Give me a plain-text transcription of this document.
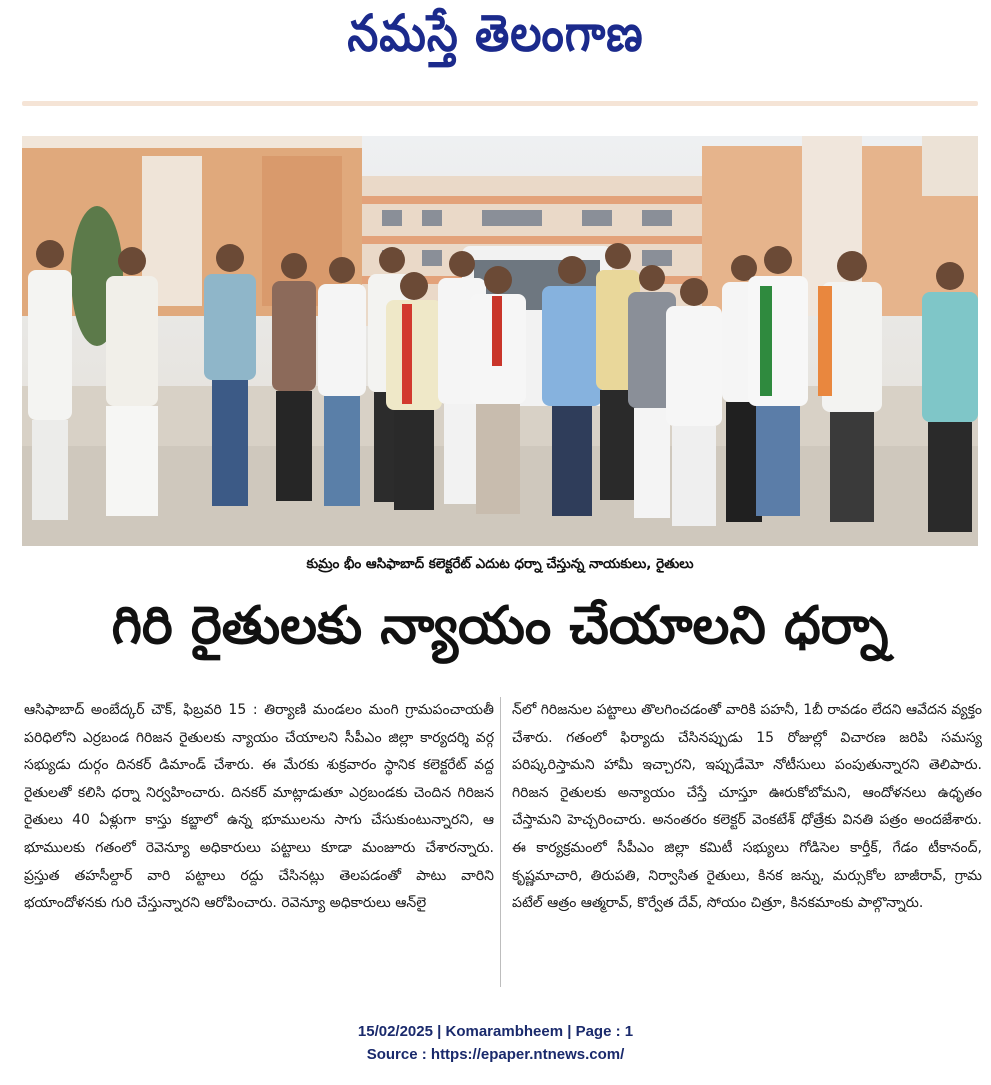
నమస్తే తెలంగాణ
కుమ్రం భీం ఆసిఫాబాద్ కలెక్టరేట్ ఎదుట ధర్నా చేస్తున్న నాయకులు, రైతులు
గిరి రైతులకు న్యాయం చేయాలని ధర్నా
ఆసిఫాబాద్ అంబేద్కర్ చౌక్, ఫిబ్రవరి 15 : తిర్యాణి మండలం మంగి గ్రామపంచాయతీ పరిధిలోని ఎర్రబండ గిరిజన రైతులకు న్యాయం చేయాలని సీపీఎం జిల్లా కార్యదర్శి వర్గ సభ్యుడు దుర్గం దినకర్ డిమాండ్ చేశారు. ఈ మేరకు శుక్రవారం స్థానిక కలెక్టరేట్ వద్ద రైతులతో కలిసి ధర్నా నిర్వహించారు. దినకర్ మాట్లాడుతూ ఎర్రబండకు చెందిన గిరిజన రైతులు 40 ఏళ్లుగా కాస్తు కబ్జాలో ఉన్న భూములను సాగు చేసుకుంటున్నారని, ఆ భూములకు గతంలో రెవెన్యూ అధికారులు పట్టాలు కూడా మంజూరు చేశారన్నారు. ప్రస్తుత తహసీల్దార్ వారి పట్టాలు రద్దు చేసినట్లు తెలపడంతో పాటు వారిని భయాందోళనకు గురి చేస్తున్నారని ఆరోపించారు. రెవెన్యూ అధికారులు ఆన్‌లై
న్‌లో గిరిజనుల పట్టాలు తొలగించడంతో వారికి పహనీ, 1బీ రావడం లేదని ఆవేదన వ్యక్తం చేశారు. గతంలో ఫిర్యాదు చేసినప్పుడు 15 రోజుల్లో విచారణ జరిపి సమస్య పరిష్కరిస్తామని హామీ ఇచ్చారని, ఇప్పుడేమో నోటీసులు పంపుతున్నారని తెలిపారు. గిరిజన రైతులకు అన్యాయం చేస్తే చూస్తూ ఊరుకోబోమని, ఆందోళనలు ఉధృతం చేస్తామని హెచ్చరించారు. అనంతరం కలెక్టర్ వెంకటేశ్ ధోత్రేకు వినతి పత్రం అందజేశారు. ఈ కార్యక్రమంలో సీపీఎం జిల్లా కమిటీ సభ్యులు గోడిసెల కార్తీక్, గేడం టీకానంద్, కృష్ణమాచారి, తిరుపతి, నిర్వాసిత రైతులు, కినక జన్ను, మర్సుకోల బాజీరావ్, గ్రామ పటేల్ ఆత్రం ఆత్మరావ్, కొర్వేత దేవ్, సోయం చిత్రూ, కినకమాంకు పాల్గొన్నారు.
15/02/2025 | Komarambheem | Page : 1
Source : https://epaper.ntnews.com/
